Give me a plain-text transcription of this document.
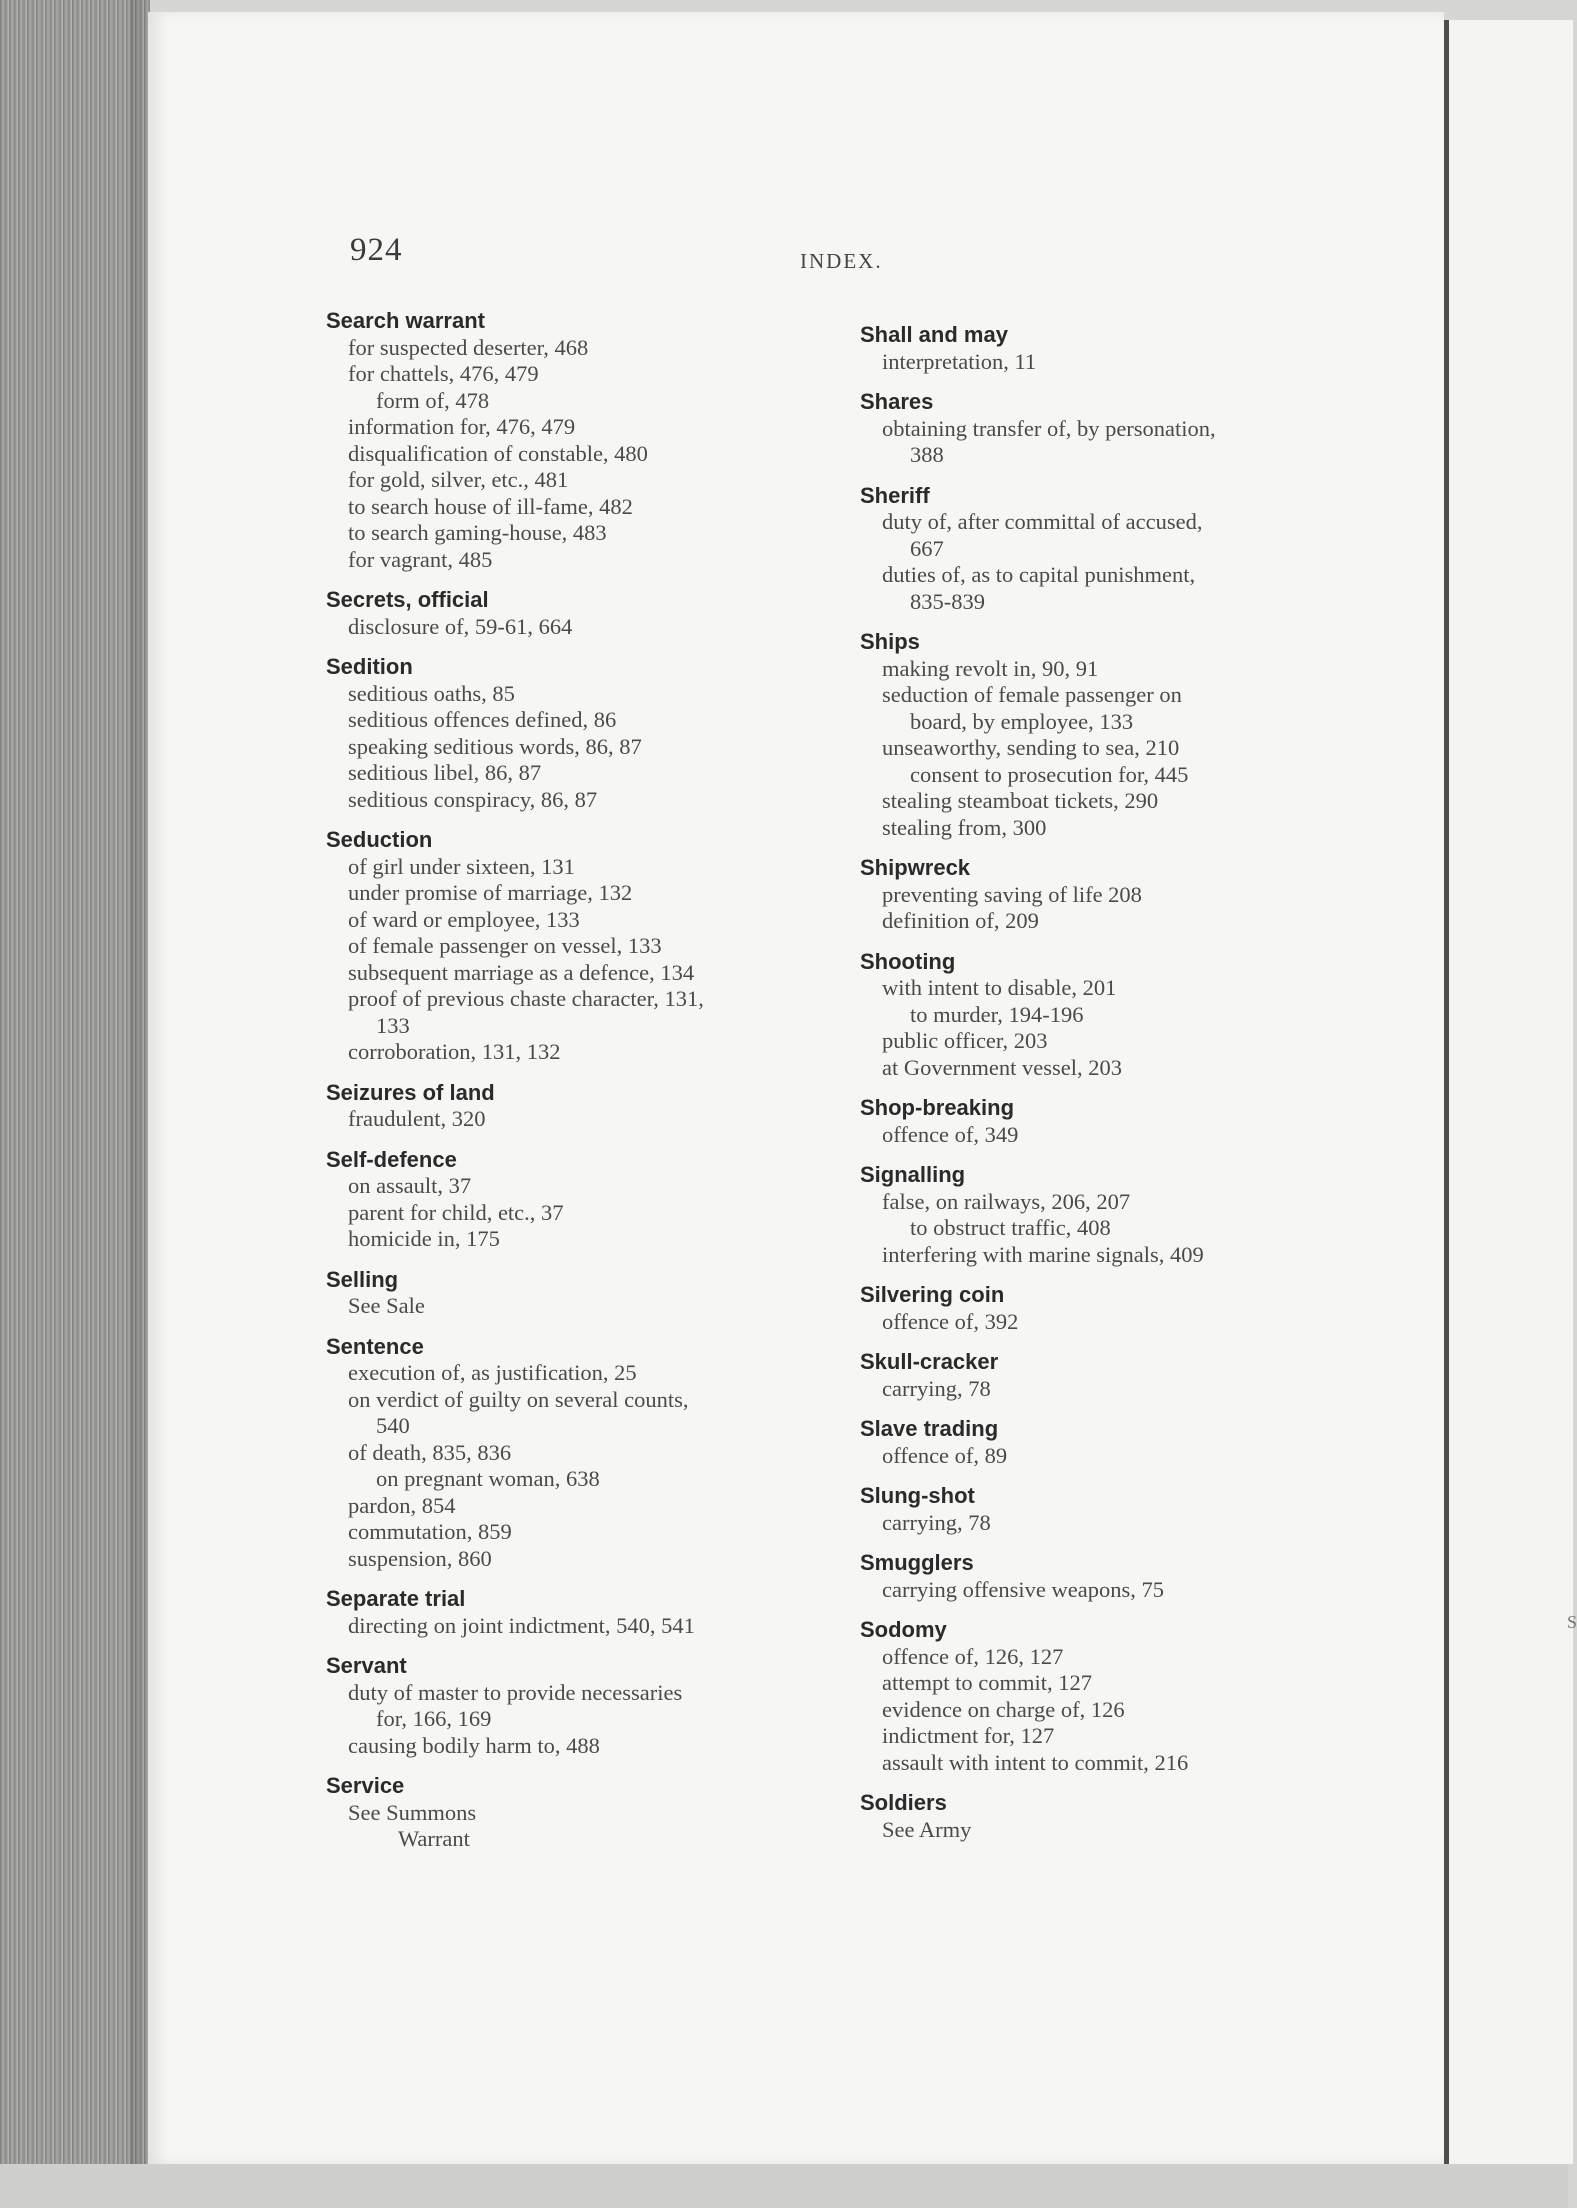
924	INDEX.
Search warrant
for suspected deserter, 468
for chattels, 476, 479
form of, 478
information for, 476, 479
disqualification of constable, 480
for gold, silver, etc., 481
to search house of ill-fame, 482
to search gaming-house, 483
for vagrant, 485
Secrets, official
disclosure of, 59-61, 664
Sedition
seditious oaths, 85
seditious offences defined, 86
speaking seditious words, 86, 87
seditious libel, 86, 87
seditious conspiracy, 86, 87
Seduction
of girl under sixteen, 131
under promise of marriage, 132
of ward or employee, 133
of female passenger on vessel, 133
subsequent marriage as a defence, 134
proof of previous chaste character, 131,
133
corroboration, 131, 132
Seizures of land
fraudulent, 320
Self-defence
on assault, 37
parent for child, etc., 37
homicide in, 175
Selling
See Sale
Sentence
execution of, as justification, 25
on verdict of guilty on several counts,
540
of death, 835, 836
on pregnant woman, 638
pardon, 854
commutation, 859
suspension, 860
Separate trial
directing on joint indictment, 540, 541
Servant
duty of master to provide necessaries
for, 166, 169
causing bodily harm to, 488
Service
See Summons
Warrant
Shall and may
interpretation, 11
Shares
obtaining transfer of, by personation,
388
Sheriff
duty of, after committal of accused,
667
duties of, as to capital punishment,
835-839
Ships
making revolt in, 90, 91
seduction of female passenger on
board, by employee, 133
unseaworthy, sending to sea, 210
consent to prosecution for, 445
stealing steamboat tickets, 290
stealing from, 300
Shipwreck
preventing saving of life 208
definition of, 209
Shooting
with intent to disable, 201
to murder, 194-196
public officer, 203
at Government vessel, 203
Shop-breaking
offence of, 349
Signalling
false, on railways, 206, 207
to obstruct traffic, 408
interfering with marine signals, 409
Silvering coin
offence of, 392
Skull-cracker
carrying, 78
Slave trading
offence of, 89
Slung-shot
carrying, 78
Smugglers
carrying offensive weapons, 75
Sodomy
offence of, 126, 127
attempt to commit, 127
evidence on charge of, 126
indictment for, 127
assault with intent to commit, 216
Soldiers
See Army
S
